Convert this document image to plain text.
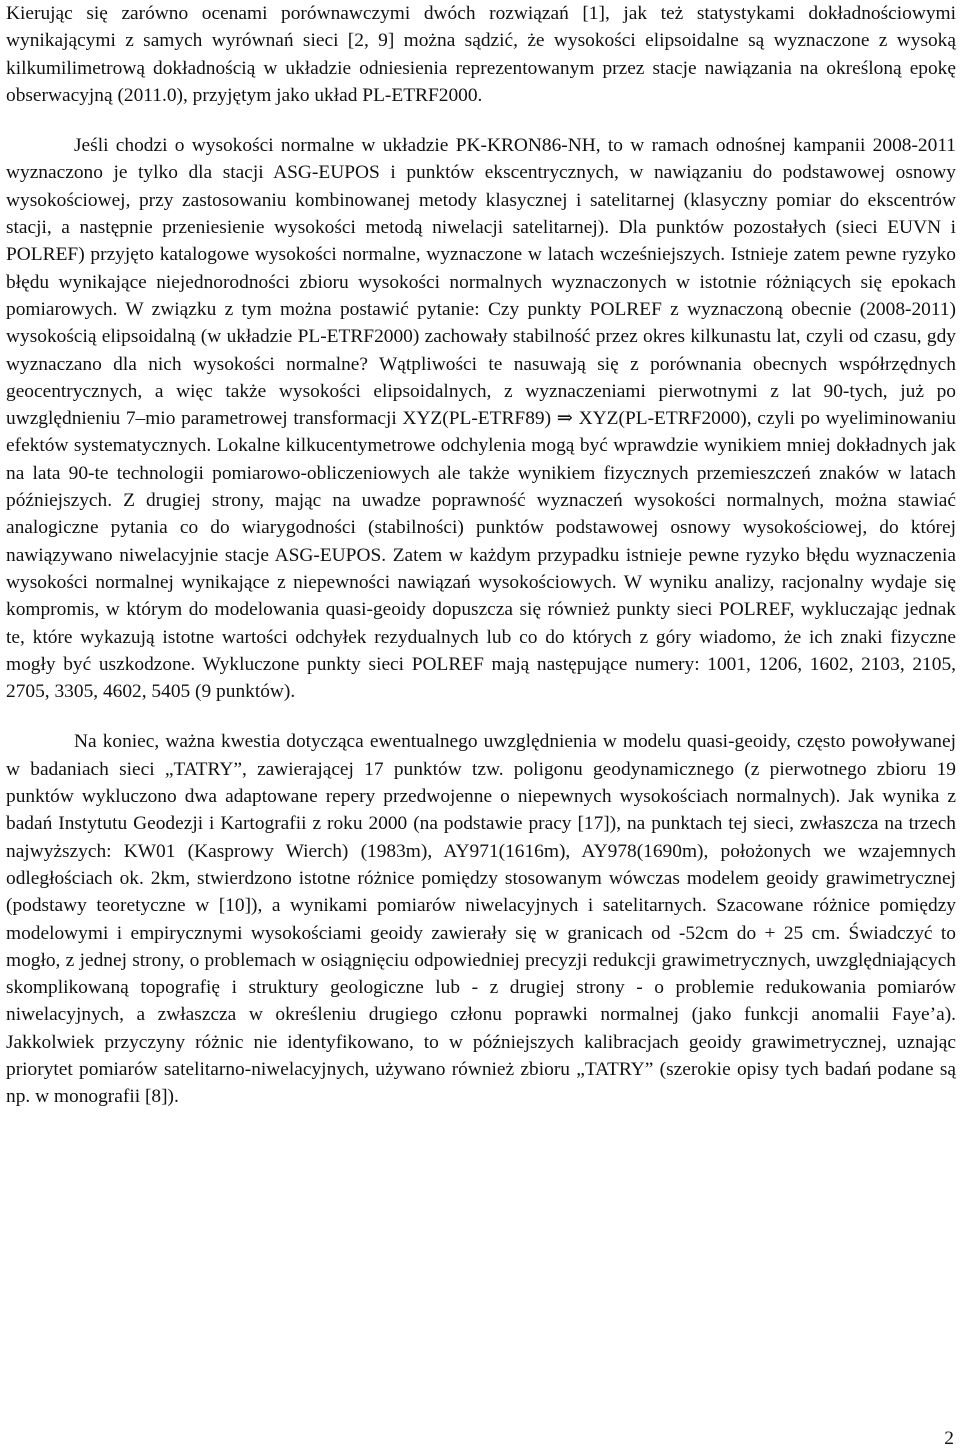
Kierując się zarówno ocenami porównawczymi dwóch rozwiązań [1], jak też statystykami dokładnościowymi wynikającymi z samych wyrównań sieci [2, 9] można sądzić, że wysokości elipsoidalne są wyznaczone z wysoką kilkumilimetrową dokładnością w układzie odniesienia reprezentowanym przez stacje nawiązania na określoną epokę obserwacyjną (2011.0), przyjętym jako układ PL-ETRF2000.

Jeśli chodzi o wysokości normalne w układzie PK-KRON86-NH, to w ramach odnośnej kampanii 2008-2011 wyznaczono je tylko dla stacji ASG-EUPOS i punktów ekscentrycznych, w nawiązaniu do podstawowej osnowy wysokościowej, przy zastosowaniu kombinowanej metody klasycznej i satelitarnej (klasyczny pomiar do ekscentrów stacji, a następnie przeniesienie wysokości metodą niwelacji satelitarnej). Dla punktów pozostałych (sieci EUVN i POLREF) przyjęto katalogowe wysokości normalne, wyznaczone w latach wcześniejszych. Istnieje zatem pewne ryzyko błędu wynikające niejednorodności zbioru wysokości normalnych wyznaczonych w istotnie różniących się epokach pomiarowych. W związku z tym można postawić pytanie: Czy punkty POLREF z wyznaczoną obecnie (2008-2011) wysokością elipsoidalną (w układzie PL-ETRF2000) zachowały stabilność przez okres kilkunastu lat, czyli od czasu, gdy wyznaczano dla nich wysokości normalne? Wątpliwości te nasuwają się z porównania obecnych współrzędnych geocentrycznych, a więc także wysokości elipsoidalnych, z wyznaczeniami pierwotnymi z lat 90-tych, już po uwzględnieniu 7–mio parametrowej transformacji XYZ(PL-ETRF89) ⇒ XYZ(PL-ETRF2000), czyli po wyeliminowaniu efektów systematycznych. Lokalne kilkucentymetrowe odchylenia mogą być wprawdzie wynikiem mniej dokładnych jak na lata 90-te technologii pomiarowo-obliczeniowych ale także wynikiem fizycznych przemieszczeń znaków w latach późniejszych. Z drugiej strony, mając na uwadze poprawność wyznaczeń wysokości normalnych, można stawiać analogiczne pytania co do wiarygodności (stabilności) punktów podstawowej osnowy wysokościowej, do której nawiązywano niwelacyjnie stacje ASG-EUPOS. Zatem w każdym przypadku istnieje pewne ryzyko błędu wyznaczenia wysokości normalnej wynikające z niepewności nawiązań wysokościowych. W wyniku analizy, racjonalny wydaje się kompromis, w którym do modelowania quasi-geoidy dopuszcza się również punkty sieci POLREF, wykluczając jednak te, które wykazują istotne wartości odchyłek rezydualnych lub co do których z góry wiadomo, że ich znaki fizyczne mogły być uszkodzone. Wykluczone punkty sieci POLREF mają następujące numery: 1001, 1206, 1602, 2103, 2105, 2705, 3305, 4602, 5405 (9 punktów).

Na koniec, ważna kwestia dotycząca ewentualnego uwzględnienia w modelu quasi-geoidy, często powoływanej w badaniach sieci „TATRY”, zawierającej 17 punktów tzw. poligonu geodynamicznego (z pierwotnego zbioru 19 punktów wykluczono dwa adaptowane repery przedwojenne o niepewnych wysokościach normalnych). Jak wynika z badań Instytutu Geodezji i Kartografii z roku 2000 (na podstawie pracy [17]), na punktach tej sieci, zwłaszcza na trzech najwyższych: KW01 (Kasprowy Wierch) (1983m), AY971(1616m), AY978(1690m), położonych we wzajemnych odległościach ok. 2km, stwierdzono istotne różnice pomiędzy stosowanym wówczas modelem geoidy grawimetrycznej (podstawy teoretyczne w [10]), a wynikami pomiarów niwelacyjnych i satelitarnych. Szacowane różnice pomiędzy modelowymi i empirycznymi wysokościami geoidy zawierały się w granicach od -52cm do + 25 cm. Świadczyć to mogło, z jednej strony, o problemach w osiągnięciu odpowiedniej precyzji redukcji grawimetrycznych, uwzględniających skomplikowaną topografię i struktury geologiczne lub - z drugiej strony - o problemie redukowania pomiarów niwelacyjnych, a zwłaszcza w określeniu drugiego członu poprawki normalnej (jako funkcji anomalii Faye’a). Jakkolwiek przyczyny różnic nie identyfikowano, to w późniejszych kalibracjach geoidy grawimetrycznej, uznając priorytet pomiarów satelitarno-niwelacyjnych, używano również zbioru „TATRY” (szerokie opisy tych badań podane są np. w monografii [8]).

2
